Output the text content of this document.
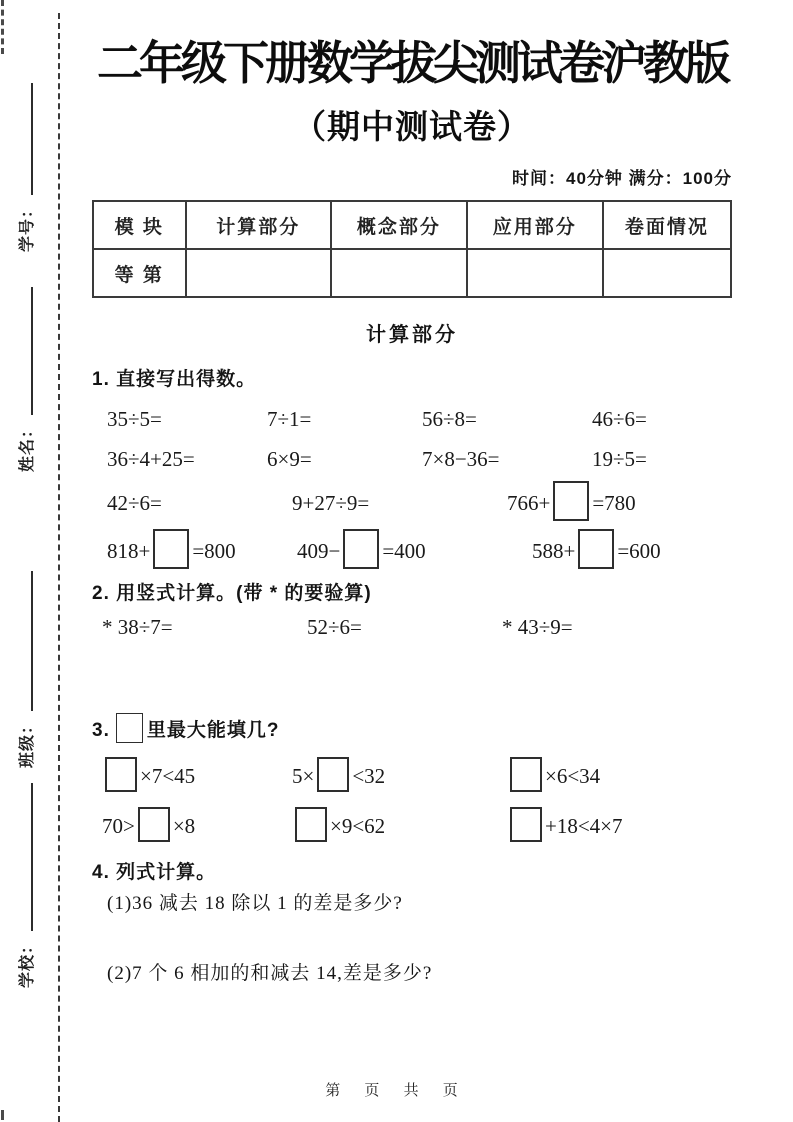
学号：
姓名：
班级：
学校：
二年级下册数学拔尖测试卷沪教版
（期中测试卷）
时间：40分钟 满分：100分
模 块	计算部分	概念部分	应用部分	卷面情况
等 第				
计算部分
1. 直接写出得数。
35÷5=	7÷1=	56÷8=	46÷6=
36÷4+25=	6×9=	7×8−36=	19÷5=
42÷6=	9+27÷9=	766+ =780
818+ =800	409− =400	588+ =600
2. 用竖式计算。(带 * 的要验算)
* 38÷7=	52÷6=	* 43÷9=
3. 里最大能填几?
×7<45	5× <32	×6<34
70> ×8	×9<62	+18<4×7
4. 列式计算。
(1)36 减去 18 除以 1 的差是多少?
(2)7 个 6 相加的和减去 14,差是多少?
第 页 共 页
